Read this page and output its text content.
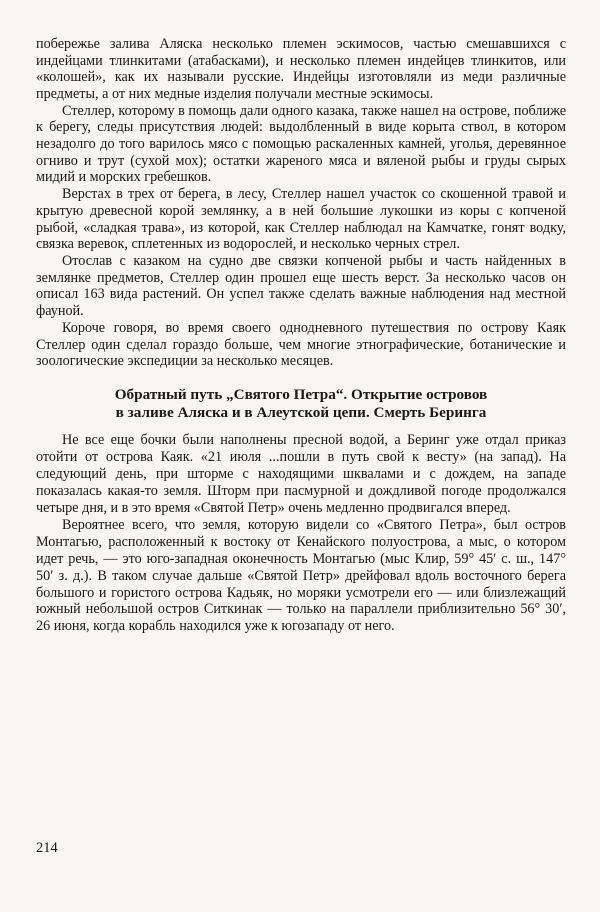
побережье залива Аляска несколько племен эскимосов, частью смешавшихся с индейцами тлинкитами (атабасками), и несколько племен индейцев тлинкитов, или «колошей», как их называли русские. Индейцы изготовляли из меди различные предметы, а от них медные изделия получали местные эскимосы.

Стеллер, которому в помощь дали одного казака, также нашел на острове, поближе к берегу, следы присутствия людей: выдолбленный в виде корыта ствол, в котором незадолго до того варилось мясо с помощью раскаленных камней, уголья, деревянное огниво и трут (сухой мох); остатки жареного мяса и вяленой рыбы и груды сырых мидий и морских гребешков.

Верстах в трех от берега, в лесу, Стеллер нашел участок со скошенной травой и крытую древесной корой землянку, а в ней большие лукошки из коры с копченой рыбой, «сладкая трава», из которой, как Стеллер наблюдал на Камчатке, гонят водку, связка веревок, сплетенных из водорослей, и несколько черных стрел.

Отослав с казаком на судно две связки копченой рыбы и часть найденных в землянке предметов, Стеллер один прошел еще шесть верст. За несколько часов он описал 163 вида растений. Он успел также сделать важные наблюдения над местной фауной.

Короче говоря, во время своего однодневного путешествия по острову Каяк Стеллер один сделал гораздо больше, чем многие этнографические, ботанические и зоологические экспедиции за несколько месяцев.

Обратный путь „Святого Петра“. Открытие островов
в заливе Аляска и в Алеутской цепи. Смерть Беринга

Не все еще бочки были наполнены пресной водой, а Беринг уже отдал приказ отойти от острова Каяк. «21 июля ...пошли в путь свой к весту» (на запад). На следующий день, при шторме с находящими шквалами и с дождем, на западе показалась какая-то земля. Шторм при пасмурной и дождливой погоде продолжался четыре дня, и в это время «Святой Петр» очень медленно продвигался вперед.

Вероятнее всего, что земля, которую видели со «Святого Петра», был остров Монтагью, расположенный к востоку от Кенайского полуострова, а мыс, о котором идет речь, — это юго-западная оконечность Монтагью (мыс Клир, 59° 45′ с. ш., 147° 50′ з. д.). В таком случае дальше «Святой Петр» дрейфовал вдоль восточного берега большого и гористого острова Кадьяк, но моряки усмотрели его — или близлежащий южный небольшой остров Ситкинак — только на параллели приблизительно 56° 30′, 26 июня, когда корабль находился уже к югозападу от него.

214
